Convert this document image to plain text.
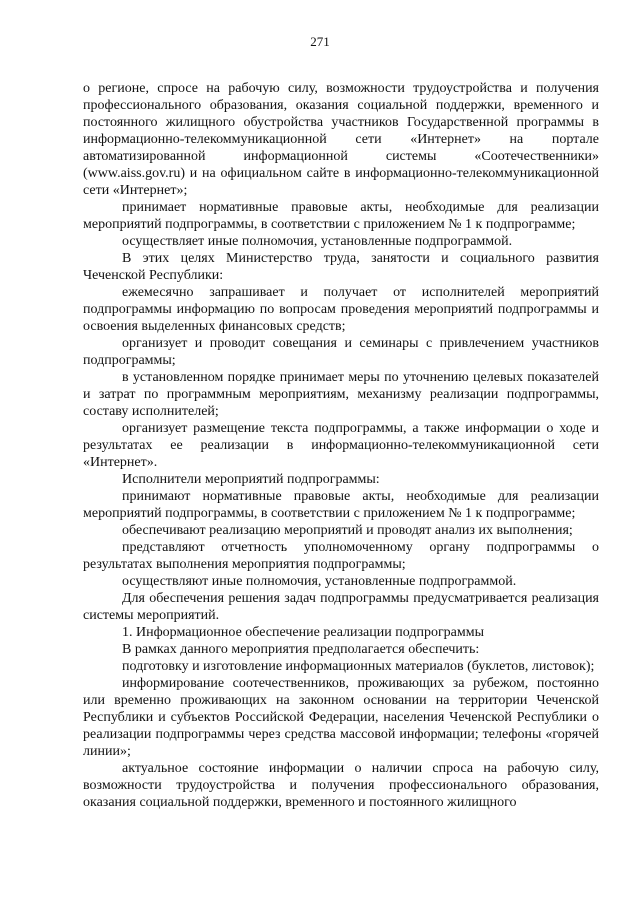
271

о регионе, спросе на рабочую силу, возможности трудоустройства и получения профессионального образования, оказания социальной поддержки, временного и постоянного жилищного обустройства участников Государственной программы в информационно-телекоммуникационной сети «Интернет» на портале автоматизированной информационной системы «Соотечественники» (www.aiss.gov.ru) и на официальном сайте в информационно-телекоммуникационной сети «Интернет»;

принимает нормативные правовые акты, необходимые для реализации мероприятий подпрограммы, в соответствии с приложением № 1 к подпрограмме;

осуществляет иные полномочия, установленные подпрограммой.

В этих целях Министерство труда, занятости и социального развития Чеченской Республики:

ежемесячно запрашивает и получает от исполнителей мероприятий подпрограммы информацию по вопросам проведения мероприятий подпрограммы и освоения выделенных финансовых средств;

организует и проводит совещания и семинары с привлечением участников подпрограммы;

в установленном порядке принимает меры по уточнению целевых показателей и затрат по программным мероприятиям, механизму реализации подпрограммы, составу исполнителей;

организует размещение текста подпрограммы, а также информации о ходе и результатах ее реализации в информационно-телекоммуникационной сети «Интернет».

Исполнители мероприятий подпрограммы:

принимают нормативные правовые акты, необходимые для реализации мероприятий подпрограммы, в соответствии с приложением № 1 к подпрограмме;

обеспечивают реализацию мероприятий и проводят анализ их выполнения;

представляют отчетность уполномоченному органу подпрограммы о результатах выполнения мероприятия подпрограммы;

осуществляют иные полномочия, установленные подпрограммой.

Для обеспечения решения задач подпрограммы предусматривается реализация системы мероприятий.

1. Информационное обеспечение реализации подпрограммы

В рамках данного мероприятия предполагается обеспечить:

подготовку и изготовление информационных материалов (буклетов, листовок);

информирование соотечественников, проживающих за рубежом, постоянно или временно проживающих на законном основании на территории Чеченской Республики и субъектов Российской Федерации, населения Чеченской Республики о реализации подпрограммы через средства массовой информации; телефоны «горячей линии»;

актуальное состояние информации о наличии спроса на рабочую силу, возможности трудоустройства и получения профессионального образования, оказания социальной поддержки, временного и постоянного жилищного
